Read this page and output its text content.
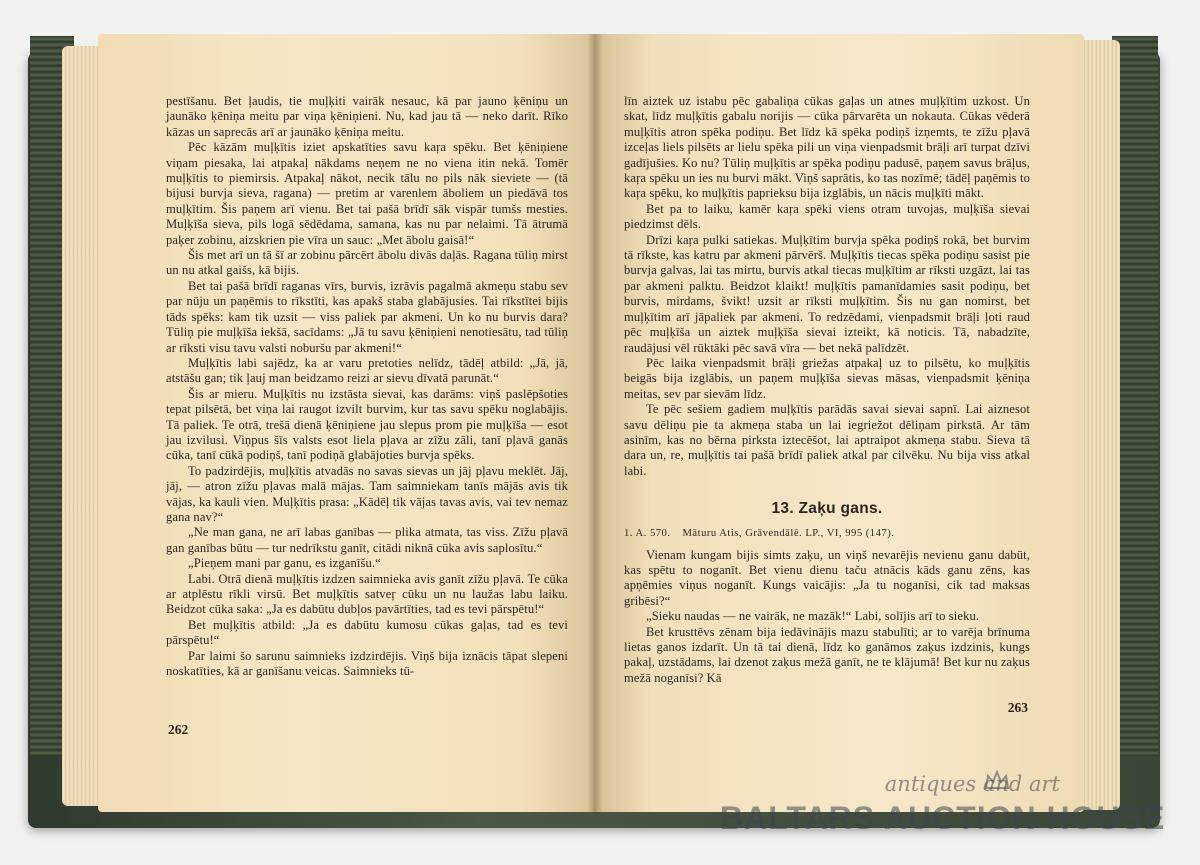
pestīšanu. Bet ļaudis, tie muļķiti vairāk nesauc, kā par jauno ķēniņu un jaunāko ķēniņa meitu par viņa ķēniņieni. Nu, kad jau tā — neko darīt. Rīko kāzas un saprecās arī ar jaunāko ķēniņa meitu.

Pēc kāzām muļķītis iziet apskatīties savu kaŗa spēku. Bet ķēniņiene viņam piesaka, lai atpakaļ nākdams neņem ne no viena itin nekā. Tomēr muļķītis to piemirsis. Atpakaļ nākot, necik tālu no pils nāk sieviete — (tā bijusi burvja sieva, ragana) — pretim ar varenlem āboliem un piedāvā tos muļķītim. Šis paņem arī vienu. Bet tai pašā brīdī sāk vispār tumšs mesties. Muļķīša sieva, pils logā sēdēdama, samana, kas nu par nelaimi. Tā ātrumā paķer zobinu, aizskrien pie vīra un sauc: „Met ābolu gaisā!“

Šis met arī un tā šī ar zobinu pārcērt ābolu divās daļās. Ragana tūliņ mirst un nu atkal gaišs, kā bijis.

Bet tai pašā brīdī raganas vīrs, burvis, izrāvis pagalmā akmeņu stabu sev par nūju un paņēmis to rīkstīti, kas apakš staba glabājusies. Tai rīkstītei bijis tāds spēks: kam tik uzsit — viss paliek par akmeni. Un ko nu burvis dara? Tūliņ pie muļķīša iekšā, sacīdams: „Jā tu savu ķēniņieni nenotiesātu, tad tūliņ ar rīksti visu tavu valsti noburšu par akmeni!“

Muļķītis labi sajēdz, ka ar varu pretoties nelīdz, tādēļ atbild: „Jā, jā, atstāšu gan; tik ļauj man beidzamo reizi ar sievu dīvatā parunāt.“

Šis ar mieru. Muļķītis nu izstāsta sievai, kas darāms: viņš paslēpšoties tepat pilsētā, bet viņa lai raugot izvilt burvim, kur tas savu spēku noglabājis. Tā paliek. Te otrā, trešā dienā ķēniņiene jau slepus prom pie muļķīša — esot jau izvilusi. Viņpus šīs valsts esot liela pļava ar zīžu zāli, tanī pļavā ganās cūka, tanī cūkā podiņš, tanī podiņā glabājoties burvja spēks.

To padzirdējis, muļķītis atvadās no savas sievas un jāj pļavu meklēt. Jāj, jāj, — atron zīžu pļavas malā mājas. Tam saimniekam tanīs mājās avis tik vājas, ka kauli vien. Muļķītis prasa: „Kādēļ tik vājas tavas avis, vai tev nemaz gana nav?“

„Ne man gana, ne arī labas ganības — plika atmata, tas viss. Zīžu pļavā gan ganības būtu — tur nedrīkstu ganīt, citādi niknā cūka avis saplosītu.“

„Pieņem mani par ganu, es izganīšu.“

Labi. Otrā dienā muļķītis izdzen saimnieka avis ganīt zīžu pļavā. Te cūka ar atplēstu rīkli virsū. Bet muļķītis satveŗ cūku un nu laužas labu laiku. Beidzot cūka saka: „Ja es dabūtu dubļos pavārtīties, tad es tevi pārspētu!“

Bet muļķītis atbild: „Ja es dabūtu kumosu cūkas gaļas, tad es tevi pārspētu!“

Par laimi šo sarunu saimnieks izdzirdējis. Viņš bija iznācis tāpat slepeni noskatīties, kā ar ganīšanu veicas. Saimnieks tū-

262

līn aiztek uz istabu pēc gabaliņa cūkas gaļas un atnes muļķītim uzkost. Un skat, līdz muļķītis gabalu norijis — cūka pārvarēta un nokauta. Cūkas vēderā muļķītis atron spēka podiņu. Bet līdz kā spēka podiņš izņemts, te zīžu pļavā izceļas liels pilsēts ar lielu spēka pili un viņa vienpadsmit brāļi arī turpat dzīvi gadījušies. Ko nu? Tūliņ muļķītis ar spēka podiņu padusē, paņem savus brāļus, kaŗa spēku un ies nu burvi mākt. Viņš saprātis, ko tas nozīmē; tādēļ paņēmis to kaŗa spēku, ko muļķītis paprieksu bija izglābis, un nācis muļķīti mākt.

Bet pa to laiku, kamēr kaŗa spēki viens otram tuvojas, muļķīša sievai piedzimst dēls.

Drīzi kaŗa pulki satiekas. Muļķītim burvja spēka podiņš rokā, bet burvim tā rīkste, kas katru par akmeni pārvērš. Muļķītis tiecas spēka podiņu sasist pie burvja galvas, lai tas mirtu, burvis atkal tiecas muļķītim ar rīksti uzgāzt, lai tas par akmeni palktu. Beidzot klaikt! muļķītis pamanīdamies sasit podiņu, bet burvis, mirdams, švikt! uzsit ar rīksti muļķītim. Šis nu gan nomirst, bet muļķītim arī jāpaliek par akmeni. To redzēdami, vienpadsmit brāļi ļoti raud pēc muļķīša un aiztek muļķīša sievai izteikt, kā noticis. Tā, nabadzīte, raudājusi vēl rūktāki pēc savā vīra — bet nekā palīdzēt.

Pēc laika vienpadsmit brāļi griežas atpakaļ uz to pilsētu, ko muļķītis beigās bija izglābis, un paņem muļķīša sievas māsas, vienpadsmit ķēniņa meitas, sev par sievām līdz.

Te pēc sešiem gadiem muļķītis parādās savai sievai sapnī. Lai aiznesot savu dēliņu pie ta akmeņa staba un lai iegriežot dēliņam pirkstā. Ar tām asinīm, kas no bērna pirksta iztecēšot, lai aptraipot akmeņa stabu. Sieva tā dara un, re, muļķītis tai pašā brīdī paliek atkal par cilvēku. Nu bija viss atkal labi.

13. Zaķu gans.
1. A. 570. Māturu Atis, Grāvendālē. LP., VI, 995 (147).

Vienam kungam bijis simts zaķu, un viņš nevarējis nevienu ganu dabūt, kas spētu to noganīt. Bet vienu dienu taču atnācis kāds ganu zēns, kas apņēmies viņus noganīt. Kungs vaicājis: „Ja tu noganīsi, cik tad maksas gribēsi?“

„Sieku naudas — ne vairāk, ne mazāk!“ Labi, solījis arī to sieku.

Bet krusttēvs zēnam bija iedāvinājis mazu stabulīti; ar to varēja brīnuma lietas ganos izdarīt. Un tā tai dienā, līdz ko ganāmos zaķus izdzinis, kungs pakaļ, uzstādams, lai dzenot zaķus mežā ganīt, ne te klājumā! Bet kur nu zaķus mežā noganīsi? Kā

263
antiques and art
BALTARS AUCTION HOUSE
